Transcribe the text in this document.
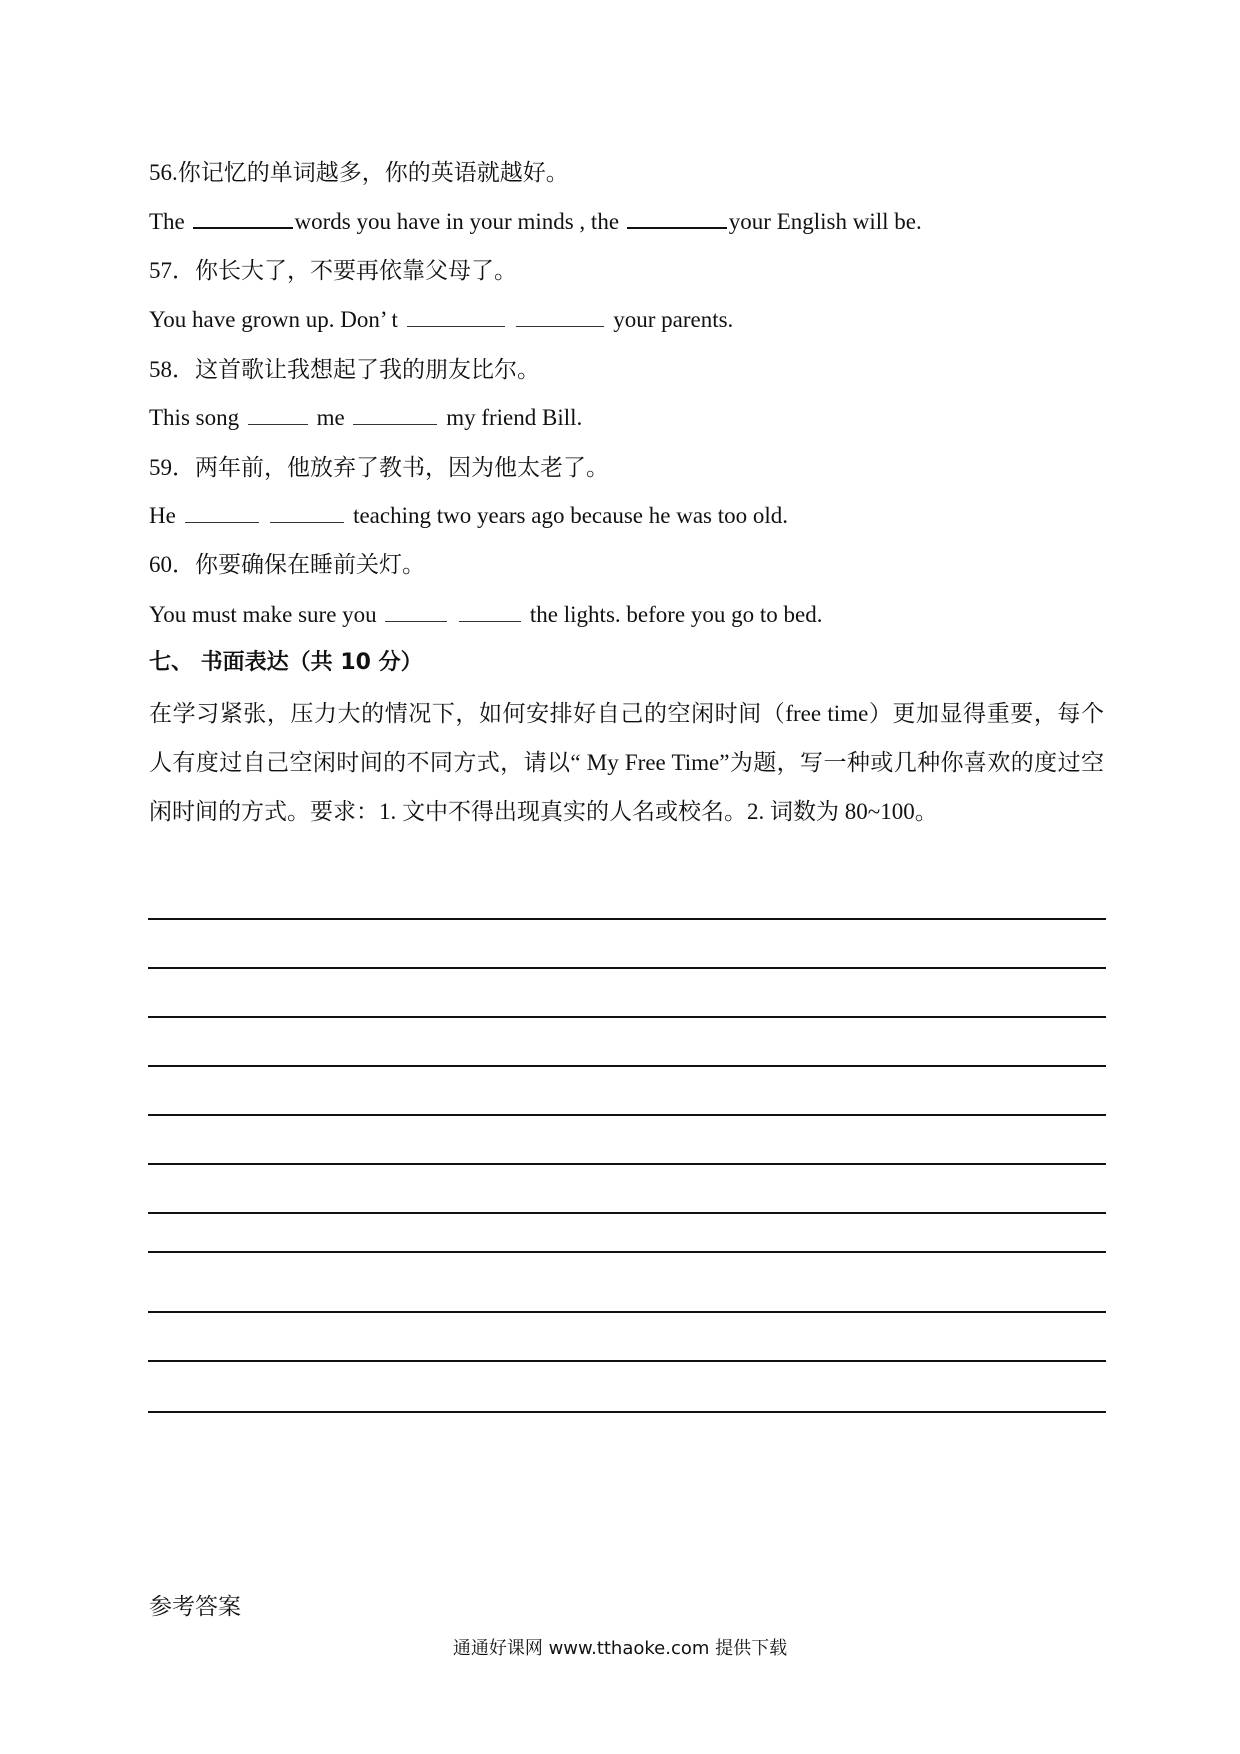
56.你记忆的单词越多，你的英语就越好。
The	words you have in your minds , the	your English will be.
57．你长大了，不要再依靠父母了。
You have grown up. Don’ t	your parents.
58．这首歌让我想起了我的朋友比尔。
This song	me	my friend Bill.
59．两年前，他放弃了教书，因为他太老了。
He	teaching two years ago because he was too old.
60．你要确保在睡前关灯。
You must make sure you	the lights. before you go to bed.
七、 书面表达（共 10 分）
在学习紧张，压力大的情况下，如何安排好自己的空闲时间（free time）更加显得重要，每个人有度过自己空闲时间的不同方式，请以“ My Free Time”为题，写一种或几种你喜欢的度过空闲时间的方式。要求：1. 文中不得出现真实的人名或校名。2. 词数为 80~100。
参考答案
通通好课网 www.tthaoke.com 提供下载
